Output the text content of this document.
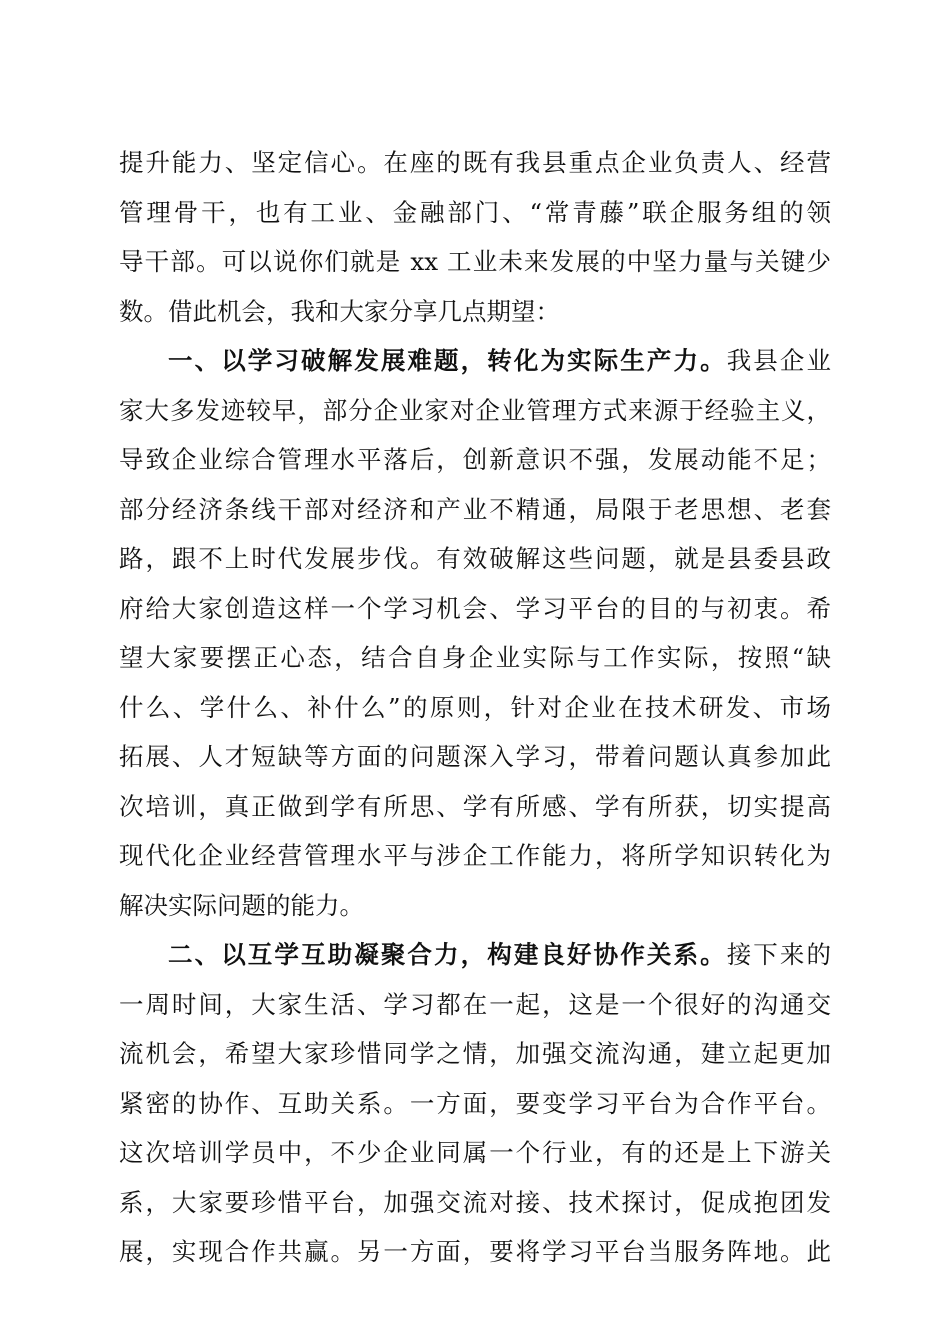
提升能力、坚定信心。在座的既有我县重点企业负责人、经营
管理骨干，也有工业、金融部门、“常青藤”联企服务组的领
导干部。可以说你们就是 xx 工业未来发展的中坚力量与关键少
数。借此机会，我和大家分享几点期望：
一、以学习破解发展难题，转化为实际生产力。我县企业
家大多发迹较早，部分企业家对企业管理方式来源于经验主义，
导致企业综合管理水平落后，创新意识不强，发展动能不足；
部分经济条线干部对经济和产业不精通，局限于老思想、老套
路，跟不上时代发展步伐。有效破解这些问题，就是县委县政
府给大家创造这样一个学习机会、学习平台的目的与初衷。希
望大家要摆正心态，结合自身企业实际与工作实际，按照“缺
什么、学什么、补什么”的原则，针对企业在技术研发、市场
拓展、人才短缺等方面的问题深入学习，带着问题认真参加此
次培训，真正做到学有所思、学有所感、学有所获，切实提高
现代化企业经营管理水平与涉企工作能力，将所学知识转化为
解决实际问题的能力。
二、以互学互助凝聚合力，构建良好协作关系。接下来的
一周时间，大家生活、学习都在一起，这是一个很好的沟通交
流机会，希望大家珍惜同学之情，加强交流沟通，建立起更加
紧密的协作、互助关系。一方面，要变学习平台为合作平台。
这次培训学员中，不少企业同属一个行业，有的还是上下游关
系，大家要珍惜平台，加强交流对接、技术探讨，促成抱团发
展，实现合作共赢。另一方面，要将学习平台当服务阵地。此
